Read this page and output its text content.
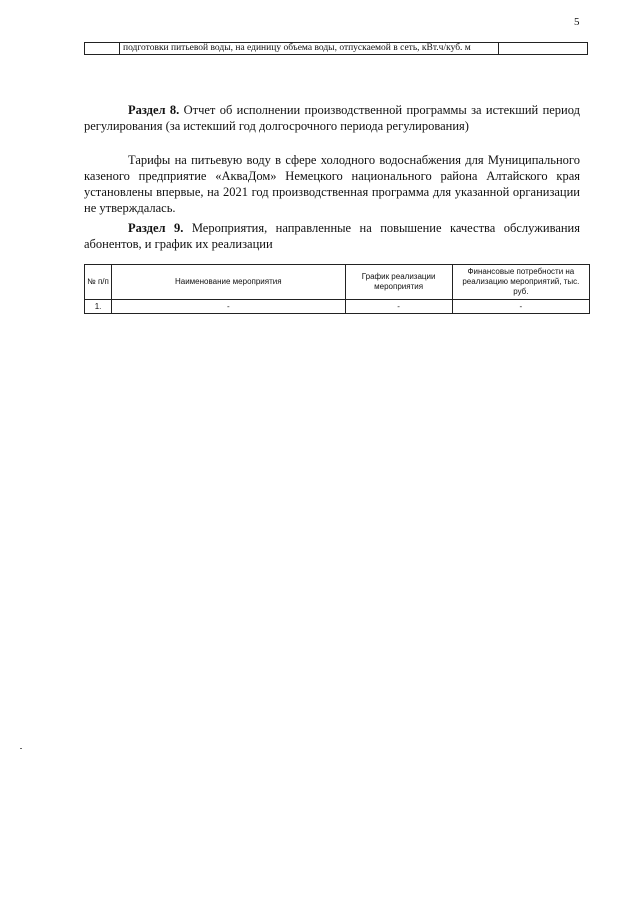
5
	подготовки питьевой воды, на единицу объема воды, отпускаемой в сеть, кВт.ч/куб. м	

Раздел 8. Отчет об исполнении производственной программы за истекший период регулирования (за истекший год долгосрочного периода регулирования)

Тарифы на питьевую воду в сфере холодного водоснабжения для Муниципального казеного предприятие «АкваДом» Немецкого национального района Алтайского края установлены впервые, на 2021 год производственная программа для указанной организации не утверждалась.

Раздел 9. Мероприятия, направленные на повышение качества обслуживания абонентов, и график их реализации

№ п/п	Наименование мероприятия	График реализации мероприятия	Финансовые потребности на реализацию мероприятий, тыс. руб.
1.	-	-	-
